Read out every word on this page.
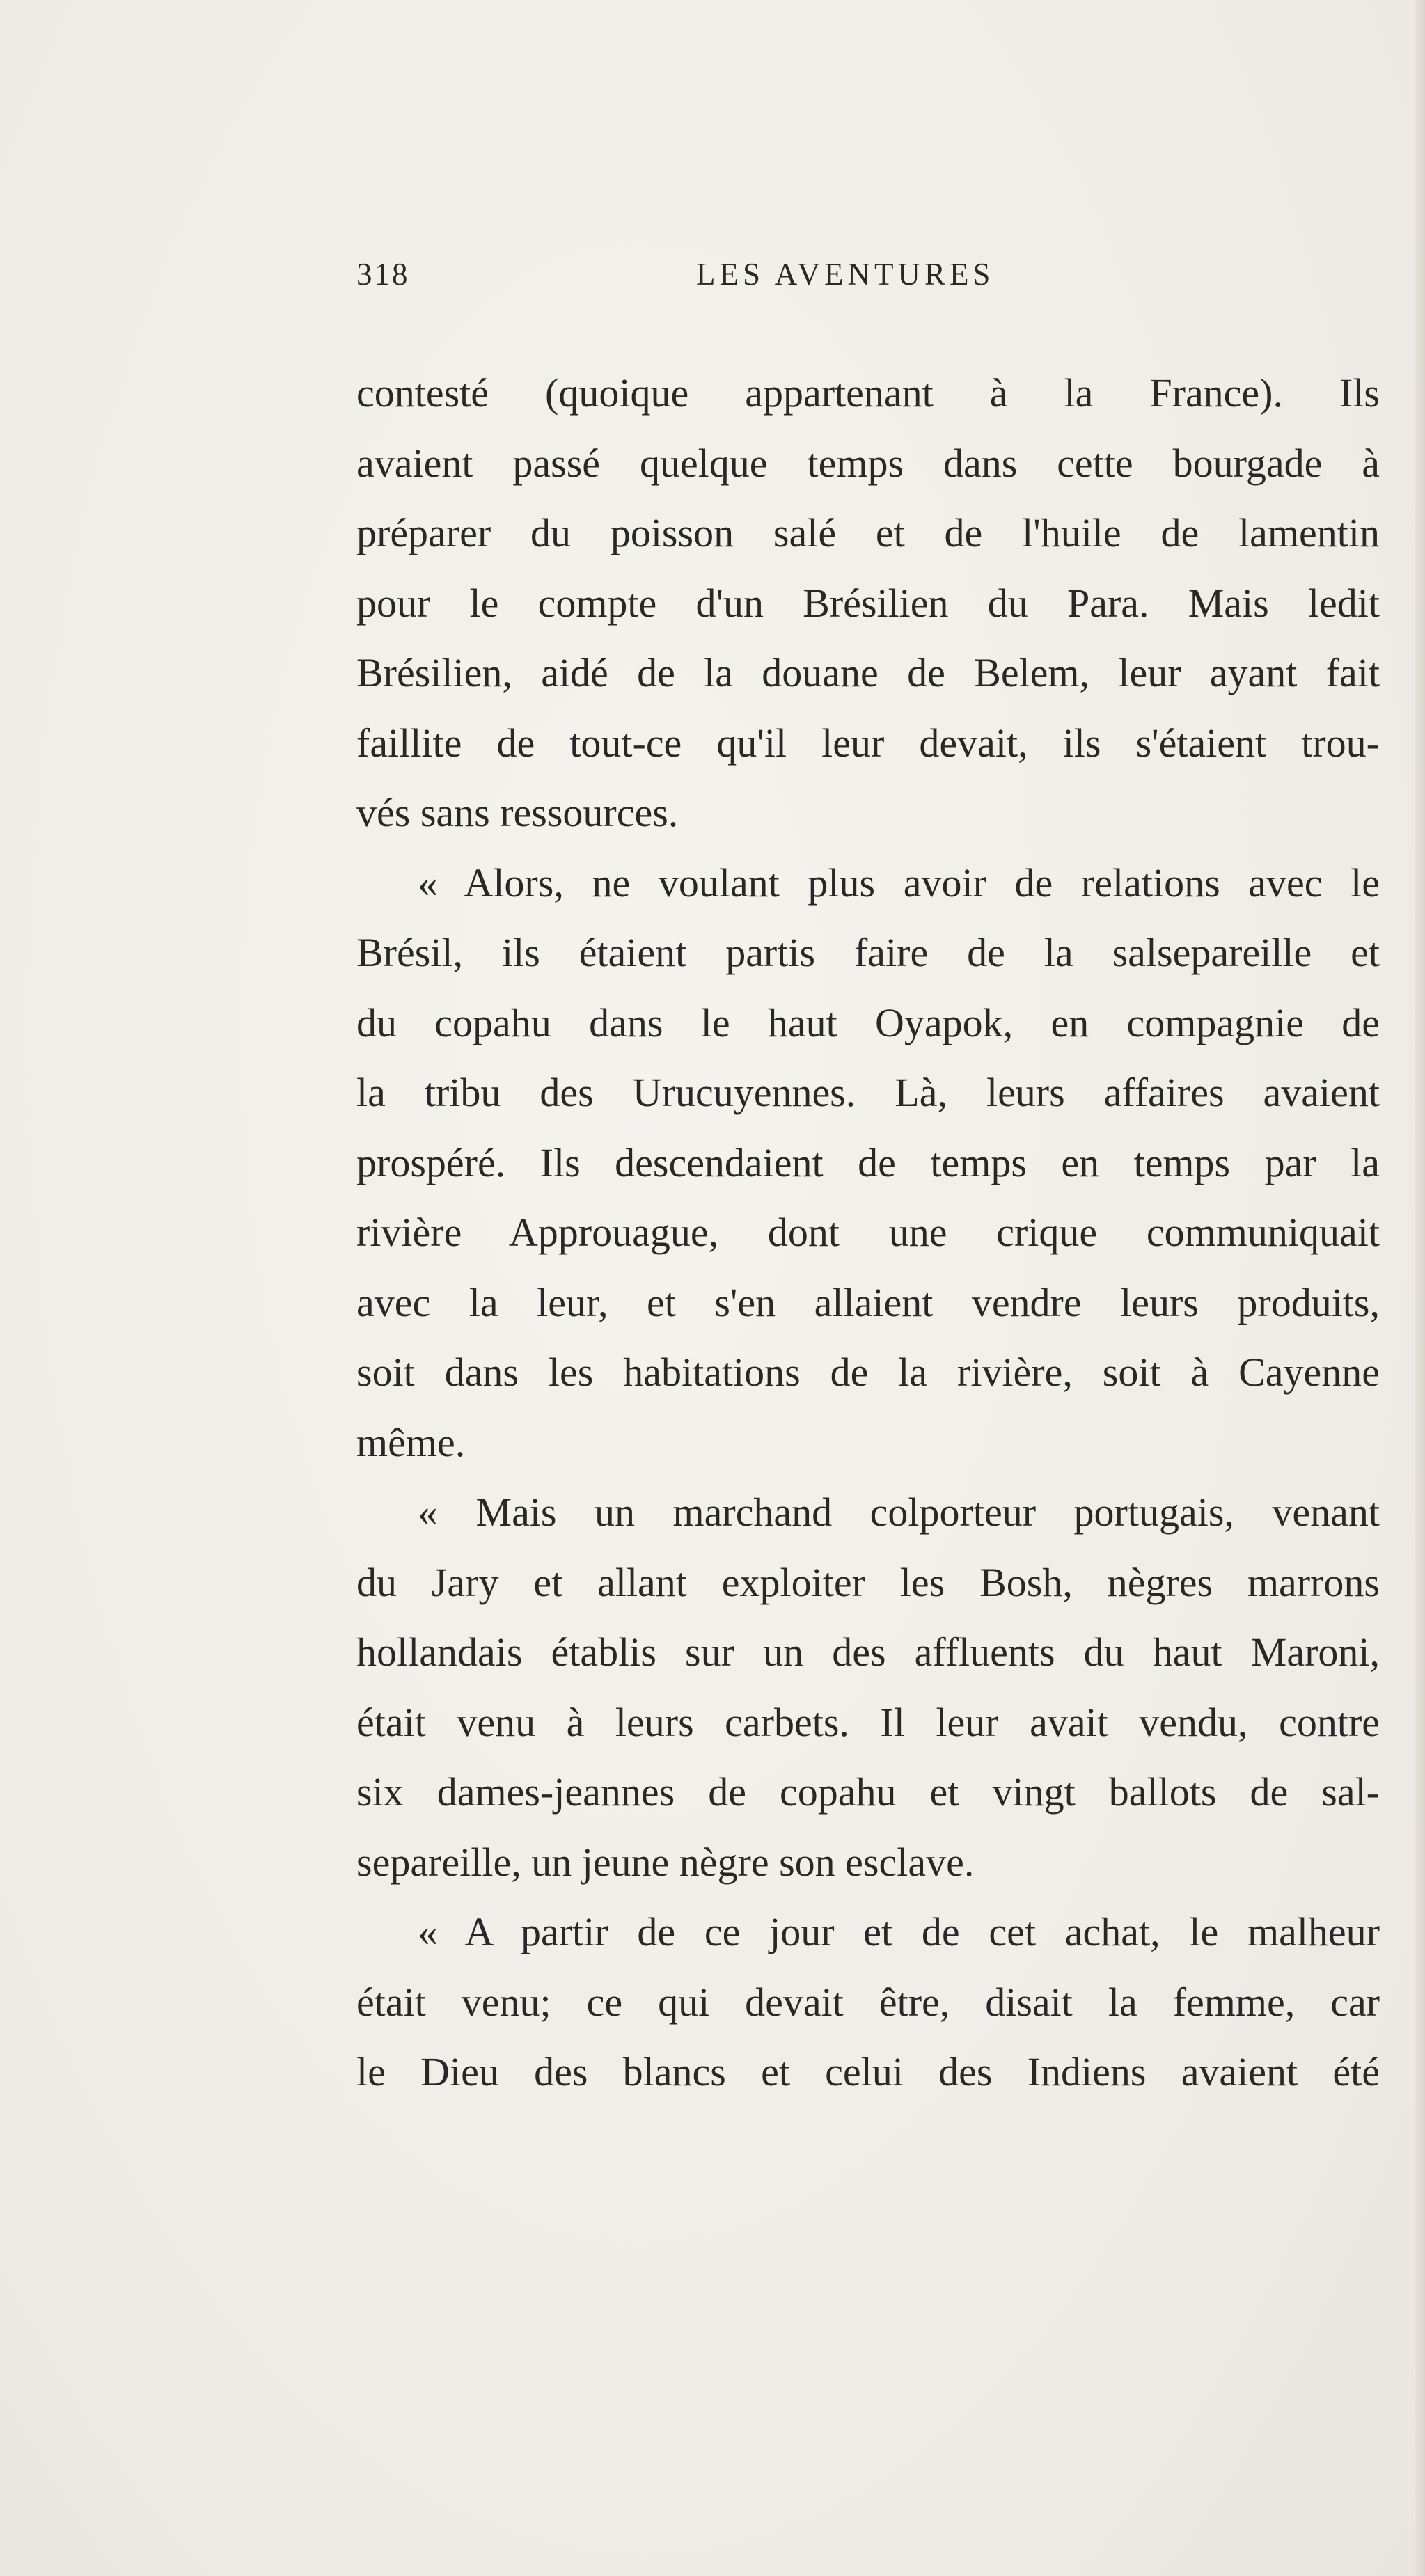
318	LES AVENTURES
contesté (quoique appartenant à la France). Ils
avaient passé quelque temps dans cette bourgade à
préparer du poisson salé et de l'huile de lamentin
pour le compte d'un Brésilien du Para. Mais ledit
Brésilien, aidé de la douane de Belem, leur ayant fait
faillite de tout-ce qu'il leur devait, ils s'étaient trou-
vés sans ressources.
« Alors, ne voulant plus avoir de relations avec le
Brésil, ils étaient partis faire de la salsepareille et
du copahu dans le haut Oyapok, en compagnie de
la tribu des Urucuyennes. Là, leurs affaires avaient
prospéré. Ils descendaient de temps en temps par la
rivière Approuague, dont une crique communiquait
avec la leur, et s'en allaient vendre leurs produits,
soit dans les habitations de la rivière, soit à Cayenne
même.
« Mais un marchand colporteur portugais, venant
du Jary et allant exploiter les Bosh, nègres marrons
hollandais établis sur un des affluents du haut Maroni,
était venu à leurs carbets. Il leur avait vendu, contre
six dames-jeannes de copahu et vingt ballots de sal-
separeille, un jeune nègre son esclave.
« A partir de ce jour et de cet achat, le malheur
était venu; ce qui devait être, disait la femme, car
le Dieu des blancs et celui des Indiens avaient été
